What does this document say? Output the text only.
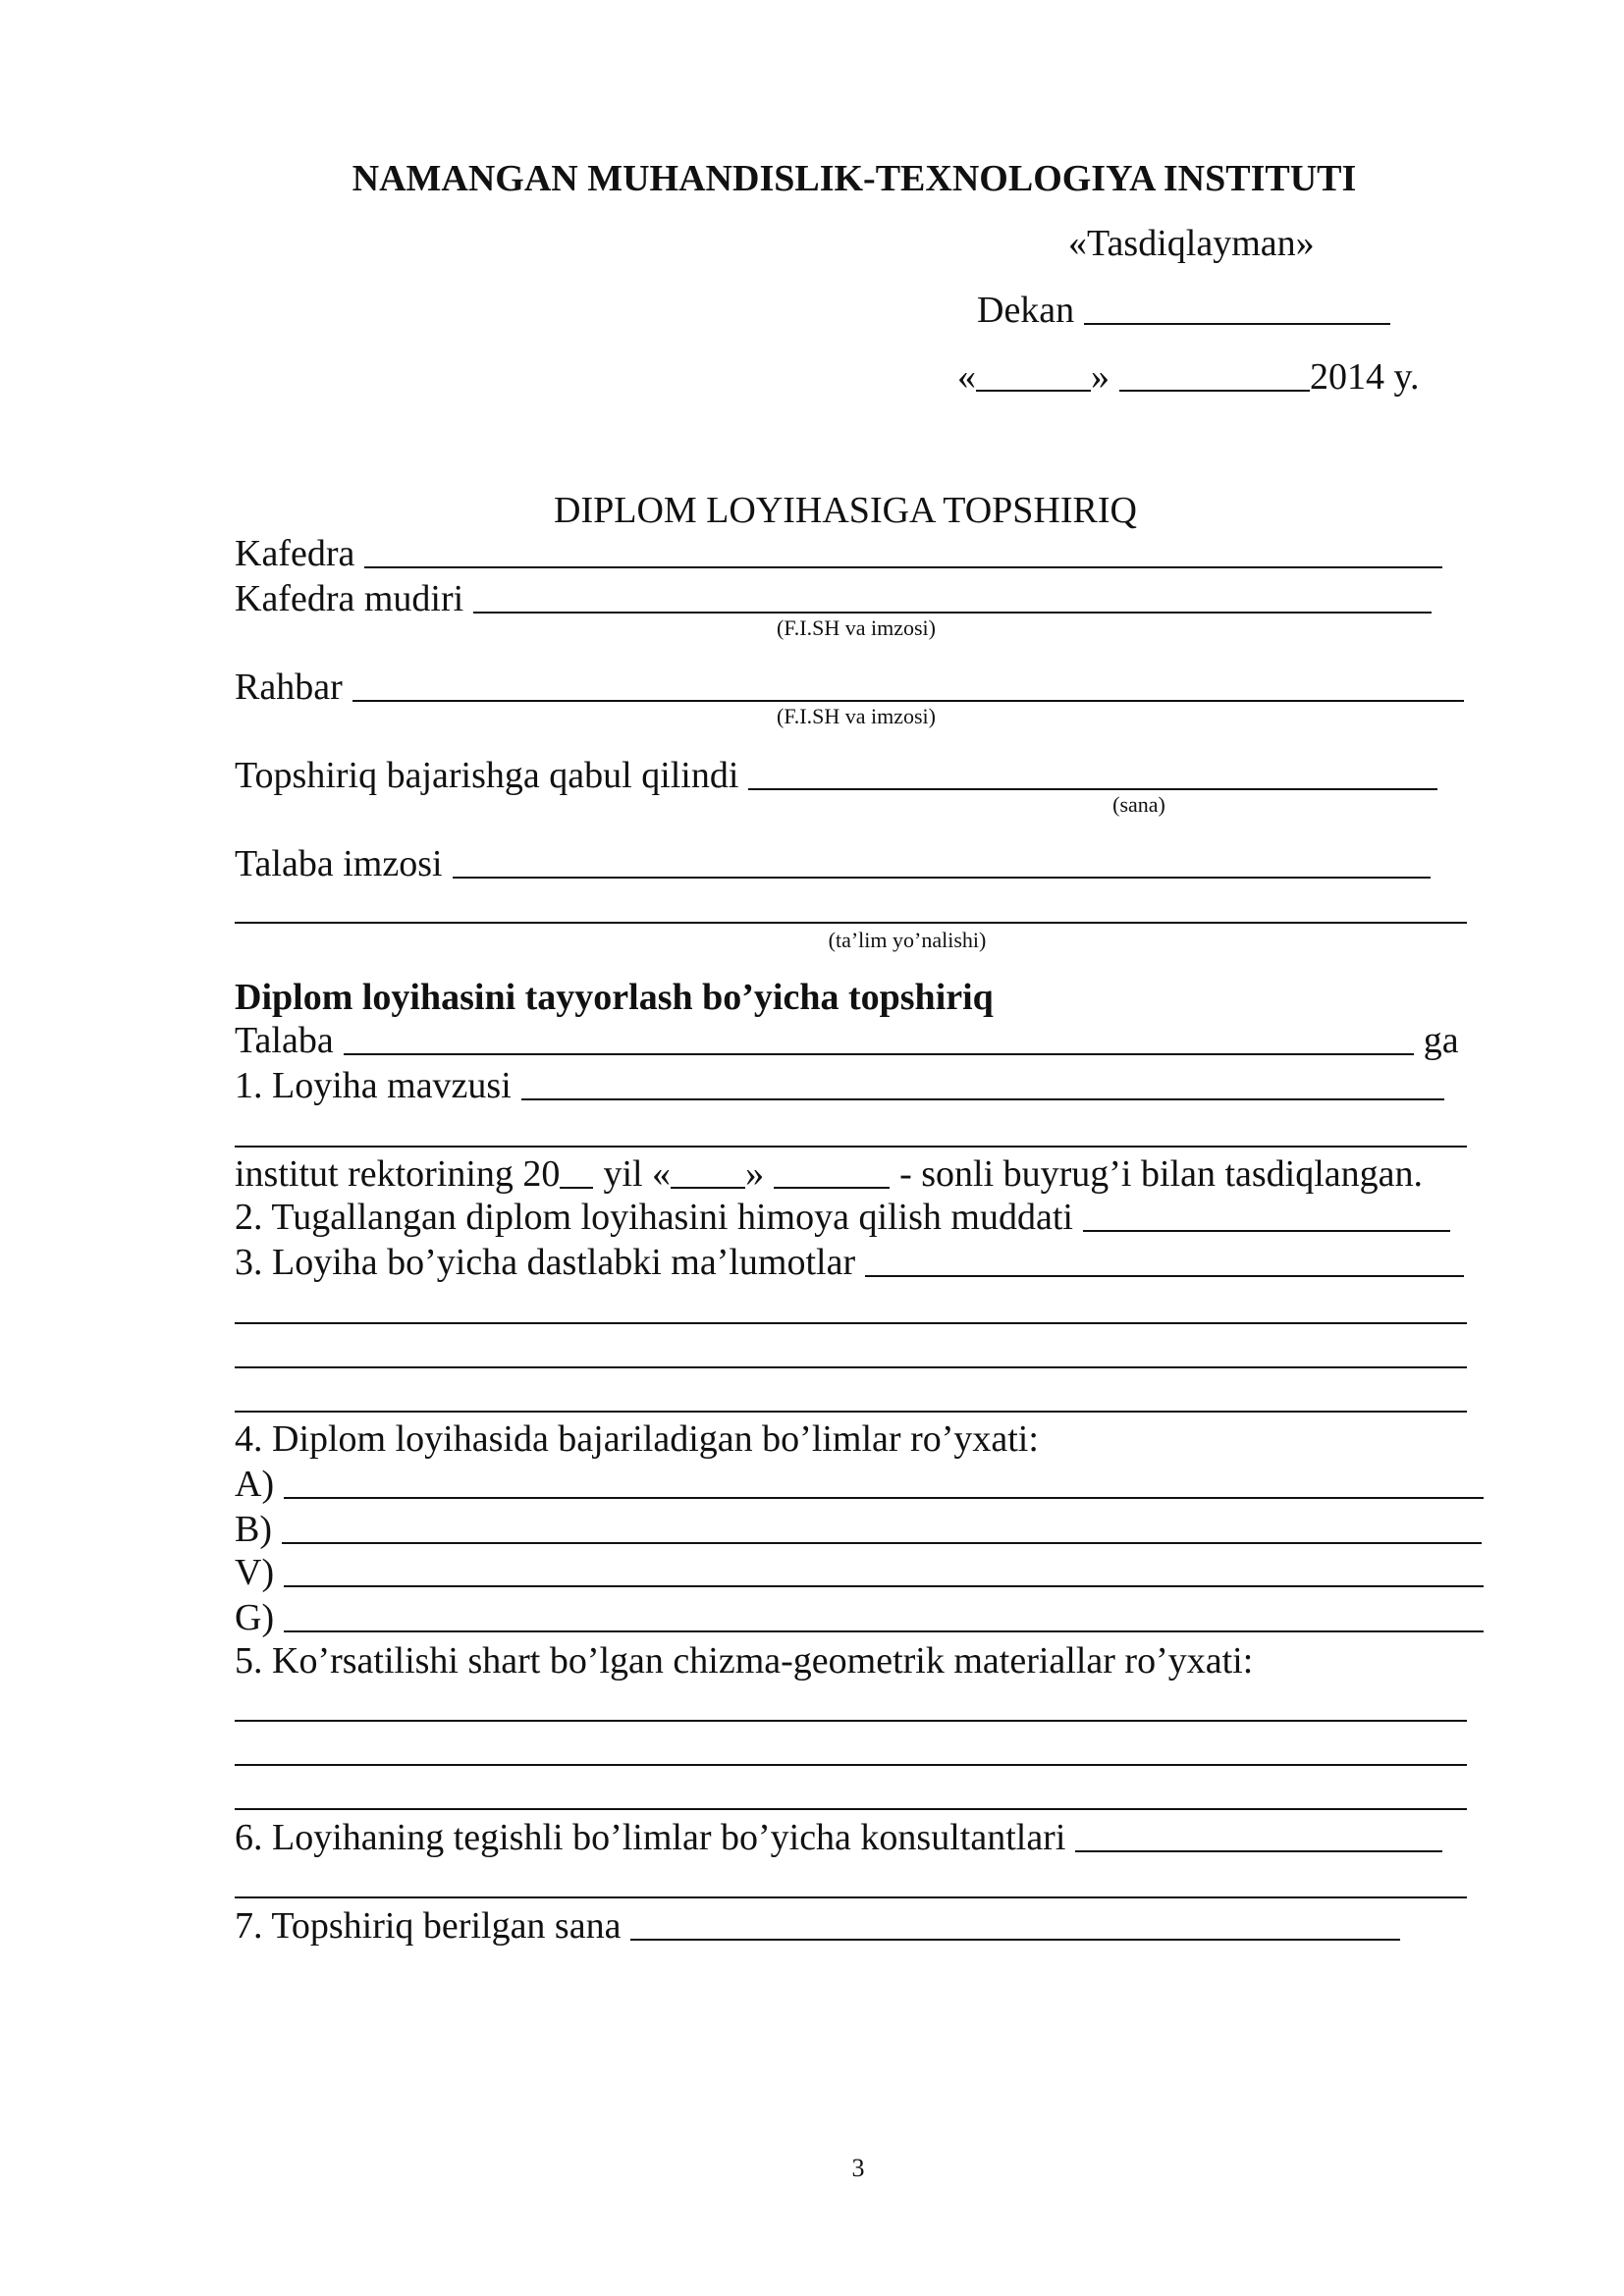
NAMANGAN MUHANDISLIK-TEXNOLOGIYA INSTITUTI
«Tasdiqlayman»
Dekan
«	»	2014 y.
DIPLOM LOYIHASIGA TOPSHIRIQ
Kafedra
Kafedra mudiri
(F.I.SH va imzosi)
Rahbar
(F.I.SH va imzosi)
Topshiriq bajarishga qabul qilindi
(sana)
Talaba imzosi
(ta’lim yo’nalishi)
Diplom loyihasini tayyorlash bo’yicha topshiriq
Talaba	ga
1. Loyiha mavzusi
institut rektorining 20 yil « »	- sonli buyrug’i bilan tasdiqlangan.
2. Tugallangan diplom loyihasini himoya qilish muddati
3. Loyiha bo’yicha dastlabki ma’lumotlar
4. Diplom loyihasida bajariladigan bo’limlar ro’yxati:
A)
B)
V)
G)
5. Ko’rsatilishi shart bo’lgan chizma-geometrik materiallar ro’yxati:
6. Loyihaning tegishli bo’limlar bo’yicha konsultantlari
7. Topshiriq berilgan sana
3
